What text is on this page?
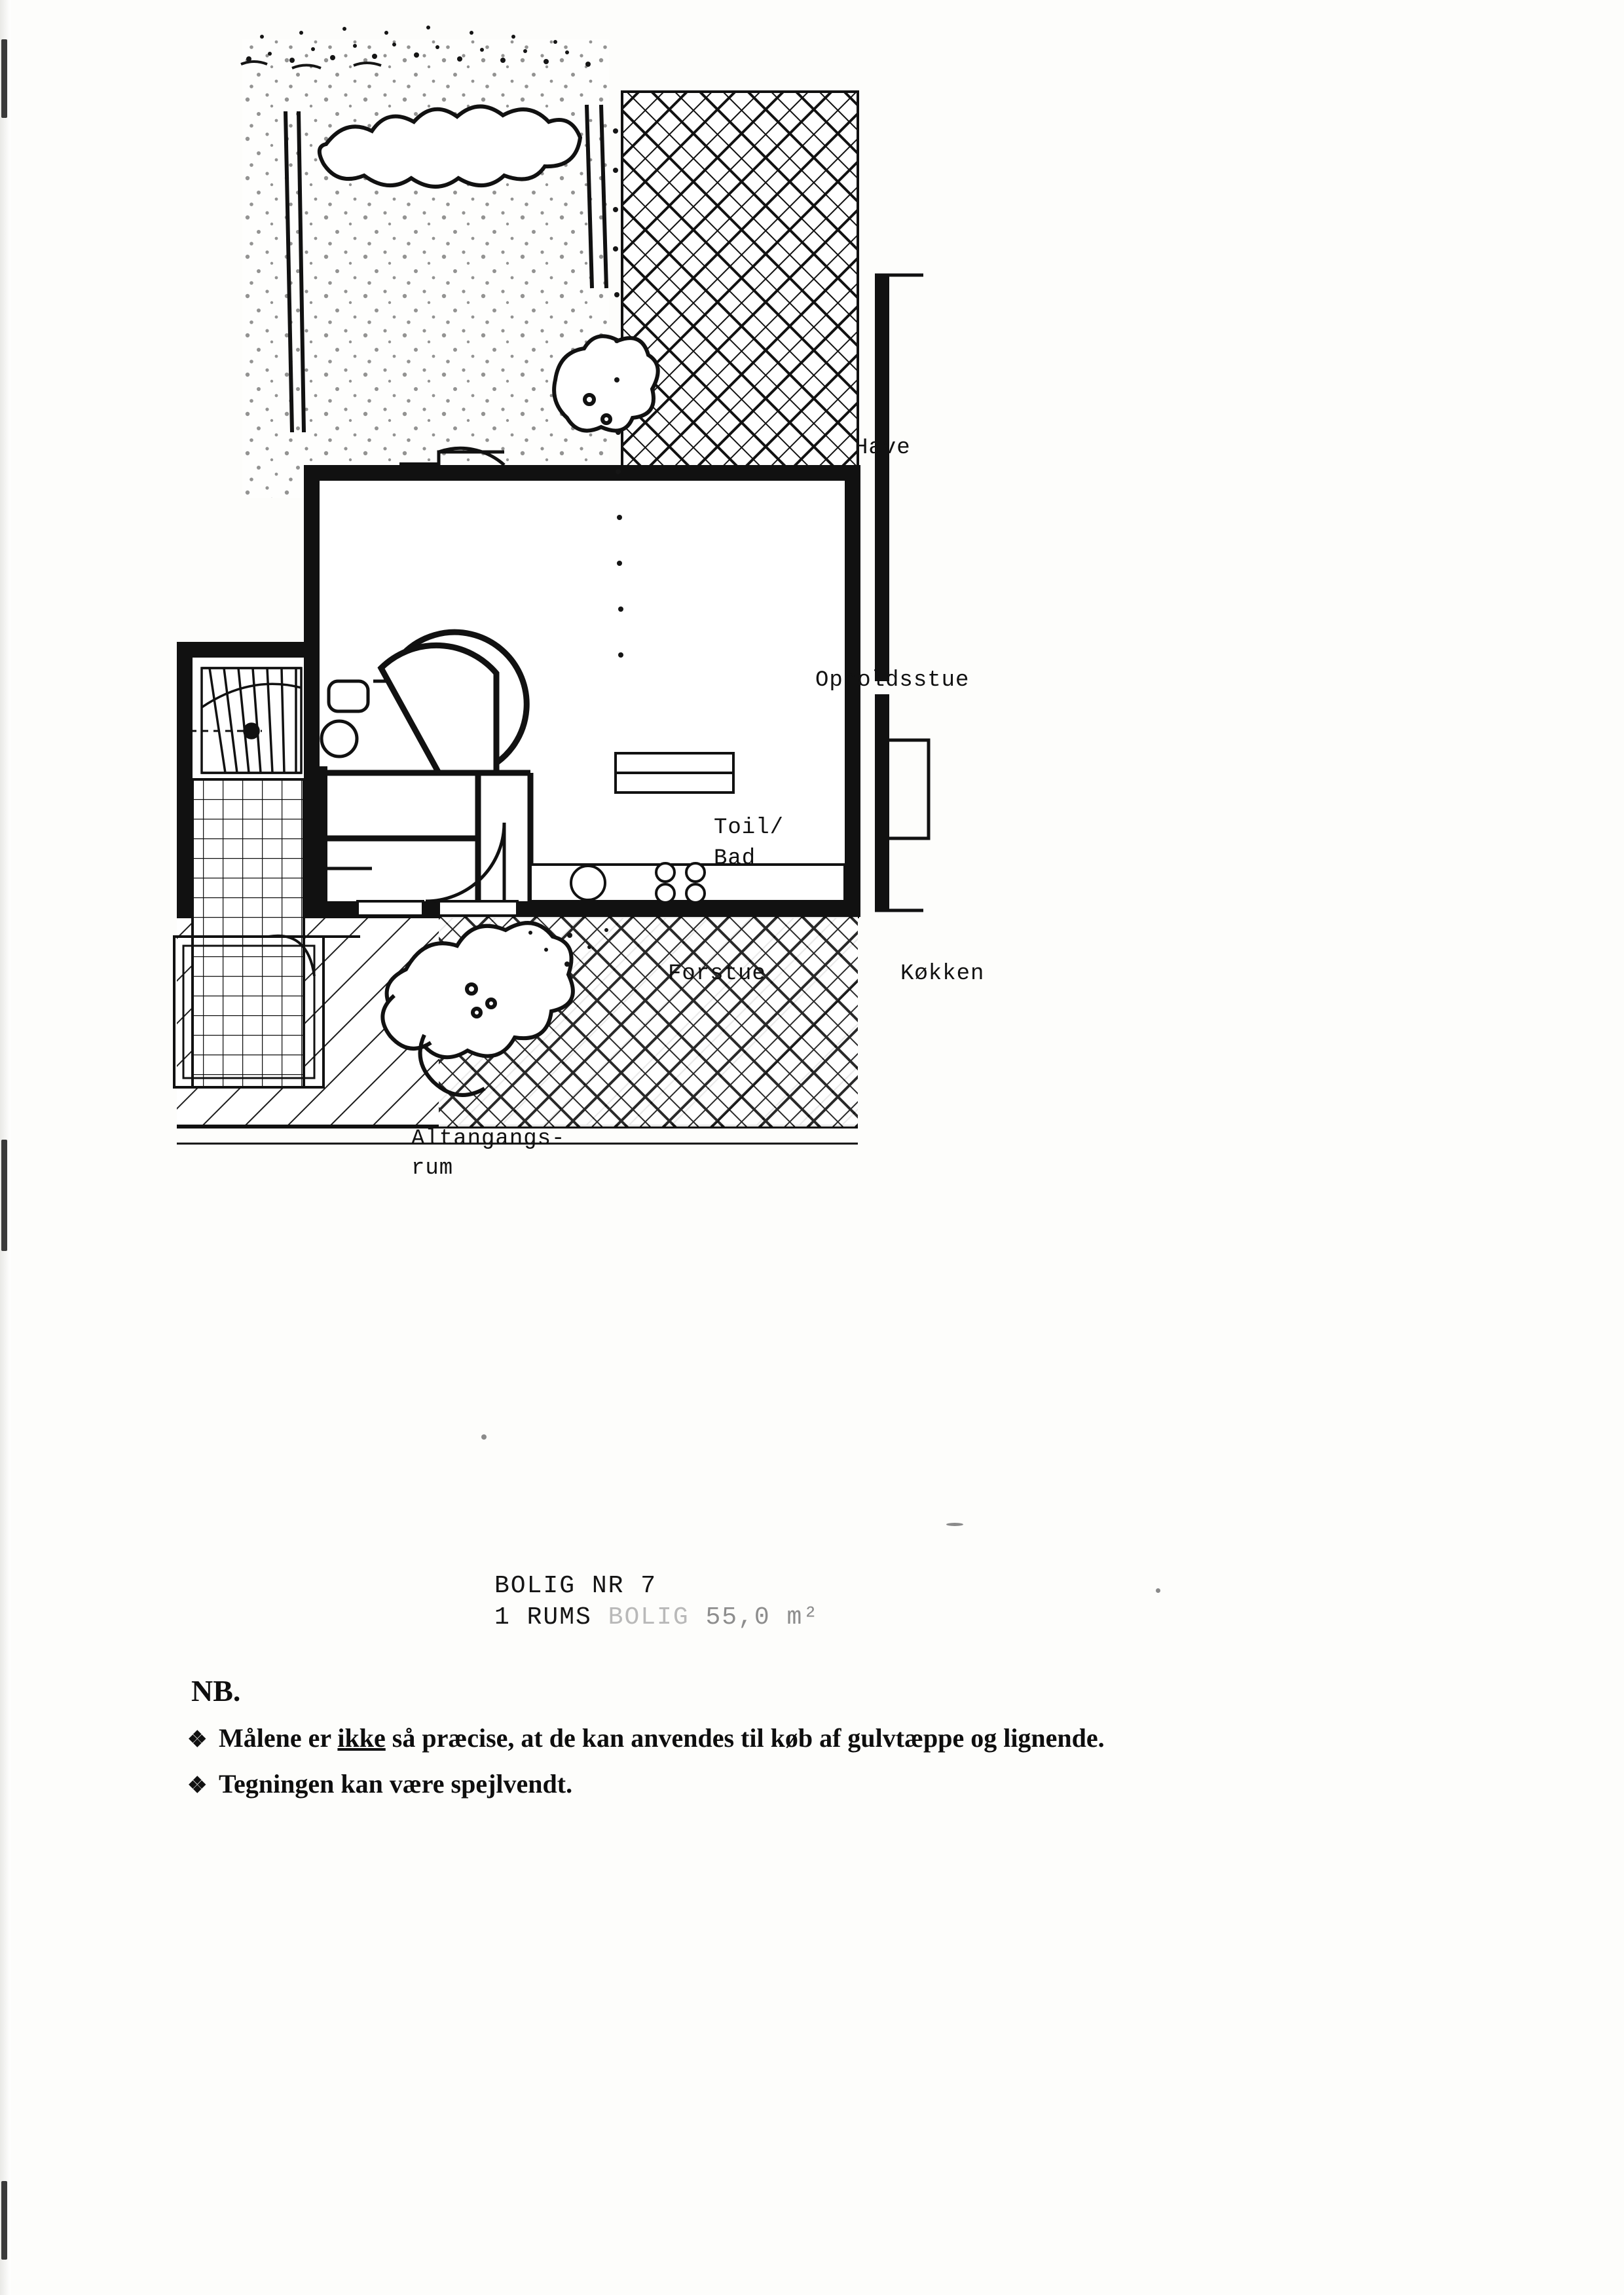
Have
Opholdsstue
Toil/
Bad
Forstue	Køkken
Altangangs-
rum
BOLIG NR 7
1 RUMS BOLIG 55,0 m²
NB.
❖ Målene er ikke så præcise, at de kan anvendes til køb af gulvtæppe og lignende.
❖ Tegningen kan være spejlvendt.
